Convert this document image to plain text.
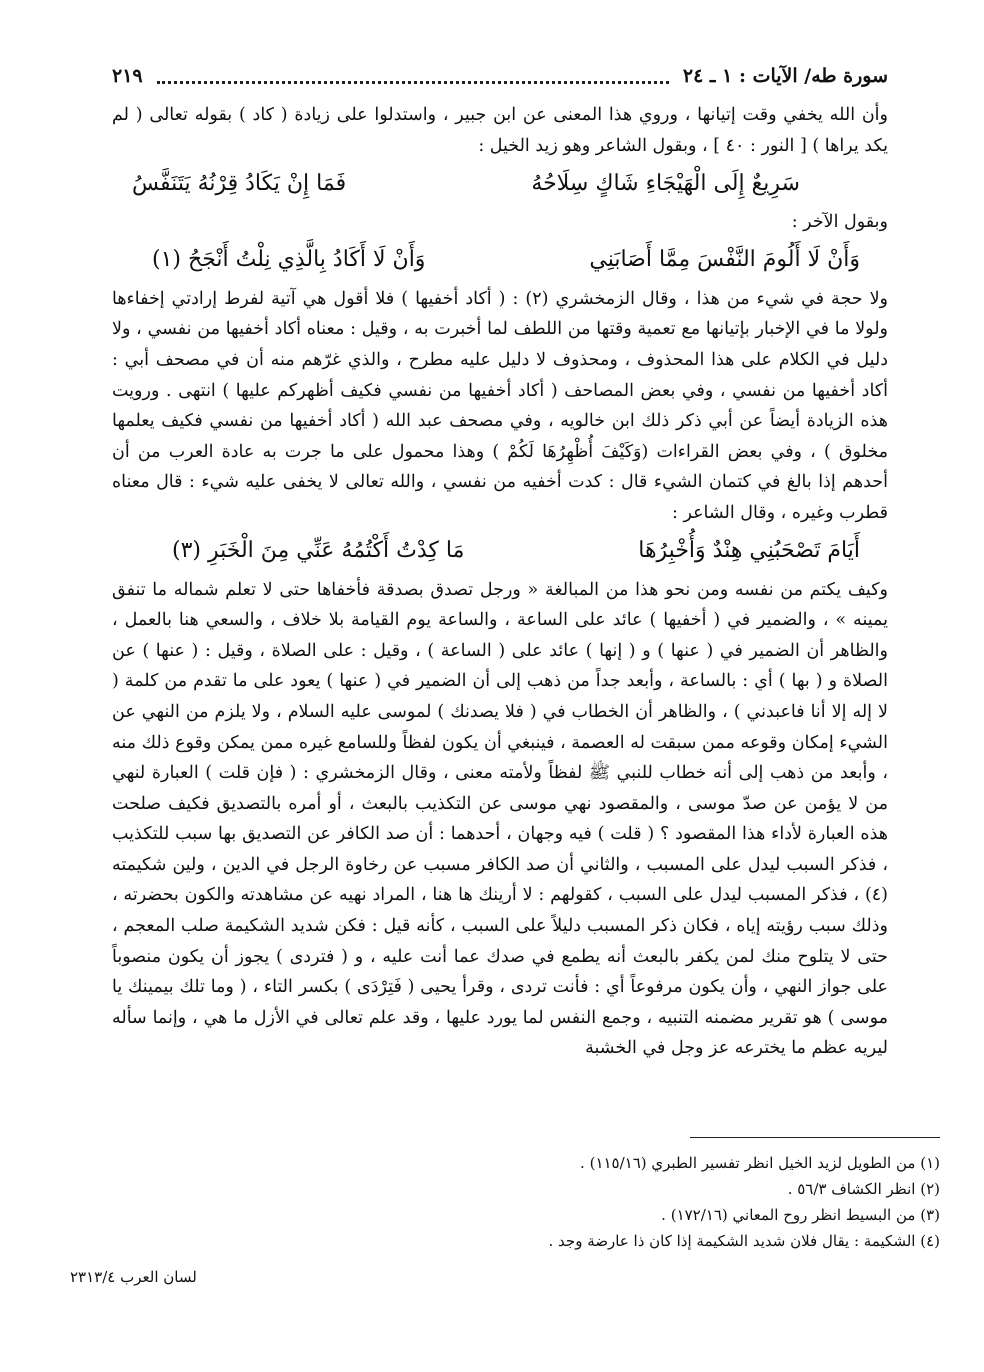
سورة طه/ الآيات : ١ ـ ٢٤
٢١٩

وأن الله يخفي وقت إتيانها ، وروي هذا المعنى عن ابن جبير ، واستدلوا على زيادة ( كاد ) بقوله تعالى ( لم يكد يراها ) [ النور : ٤٠ ] ، وبقول الشاعر وهو زيد الخيل :

سَرِيعٌ إِلَى الْهَيْجَاءِ شَاكٍ سِلَاحُهُ
فَمَا إِنْ يَكَادُ قِرْنُهُ يَتَنَفَّسُ

وبقول الآخر :

وَأَنْ لَا أَلُومَ النَّفْسَ مِمَّا أَصَابَنِي
وَأَنْ لَا أَكَادُ بِالَّذِي نِلْتُ أَنْجَحُ (١)

ولا حجة في شيء من هذا ، وقال الزمخشري (٢) : ( أكاد أخفيها ) فلا أقول هي آتية لفرط إرادتي إخفاءها ولولا ما في الإخبار بإتيانها مع تعمية وقتها من اللطف لما أخبرت به ، وقيل : معناه أكاد أخفيها من نفسي ، ولا دليل في الكلام على هذا المحذوف ، ومحذوف لا دليل عليه مطرح ، والذي غرّهم منه أن في مصحف أبي : أكاد أخفيها من نفسي ، وفي بعض المصاحف ( أكاد أخفيها من نفسي فكيف أظهركم عليها ) انتهى . ورويت هذه الزيادة أيضاً عن أبي ذكر ذلك ابن خالويه ، وفي مصحف عبد الله ( أكاد أخفيها من نفسي فكيف يعلمها مخلوق ) ، وفي بعض القراءات (وَكَيْفَ أُظْهِرُهَا لَكُمْ ) وهذا محمول على ما جرت به عادة العرب من أن أحدهم إذا بالغ في كتمان الشيء قال : كدت أخفيه من نفسي ، والله تعالى لا يخفى عليه شيء : قال معناه قطرب وغيره ، وقال الشاعر :

أَيَامَ تَصْحَبُنِي هِنْدٌ وَأُخْبِرُهَا
مَا كِدْتُ أَكْتُمُهُ عَنِّي مِنَ الْخَبَرِ (٣)

وكيف يكتم من نفسه ومن نحو هذا من المبالغة « ورجل تصدق بصدقة فأخفاها حتى لا تعلم شماله ما تنفق يمينه » ، والضمير في ( أخفيها ) عائد على الساعة ، والساعة يوم القيامة بلا خلاف ، والسعي هنا بالعمل ، والظاهر أن الضمير في ( عنها ) و ( إنها ) عائد على ( الساعة ) ، وقيل : على الصلاة ، وقيل : ( عنها ) عن الصلاة و ( بها ) أي : بالساعة ، وأبعد جداً من ذهب إلى أن الضمير في ( عنها ) يعود على ما تقدم من كلمة ( لا إله إلا أنا فاعبدني ) ، والظاهر أن الخطاب في ( فلا يصدنك ) لموسى عليه السلام ، ولا يلزم من النهي عن الشيء إمكان وقوعه ممن سبقت له العصمة ، فينبغي أن يكون لفظاً وللسامع غيره ممن يمكن وقوع ذلك منه ، وأبعد من ذهب إلى أنه خطاب للنبي ﷺ لفظاً ولأمته معنى ، وقال الزمخشري : ( فإن قلت ) العبارة لنهي من لا يؤمن عن صدّ موسى ، والمقصود نهي موسى عن التكذيب بالبعث ، أو أمره بالتصديق فكيف صلحت هذه العبارة لأداء هذا المقصود ؟ ( قلت ) فيه وجهان ، أحدهما : أن صد الكافر عن التصديق بها سبب للتكذيب ، فذكر السبب ليدل على المسبب ، والثاني أن صد الكافر مسبب عن رخاوة الرجل في الدين ، ولين شكيمته (٤) ، فذكر المسبب ليدل على السبب ، كقولهم : لا أرينك ها هنا ، المراد نهيه عن مشاهدته والكون بحضرته ، وذلك سبب رؤيته إياه ، فكان ذكر المسبب دليلاً على السبب ، كأنه قيل : فكن شديد الشكيمة صلب المعجم ، حتى لا يتلوح منك لمن يكفر بالبعث أنه يطمع في صدك عما أنت عليه ، و ( فتردى ) يجوز أن يكون منصوباً على جواز النهي ، وأن يكون مرفوعاً أي : فأنت تردى ، وقرأ يحيى ( فَتِرْدَى ) بكسر التاء ، ( وما تلك بيمينك يا موسى ) هو تقرير مضمنه التنبيه ، وجمع النفس لما يورد عليها ، وقد علم تعالى في الأزل ما هي ، وإنما سأله ليريه عظم ما يخترعه عز وجل في الخشبة

(١) من الطويل لزيد الخيل انظر تفسير الطبري (١١٥/١٦) .
(٢) انظر الكشاف ٥٦/٣ .
(٣) من البسيط انظر روح المعاني (١٧٢/١٦) .
(٤) الشكيمة : يقال فلان شديد الشكيمة إذا كان ذا عارضة وجد .
لسان العرب ٢٣١٣/٤
